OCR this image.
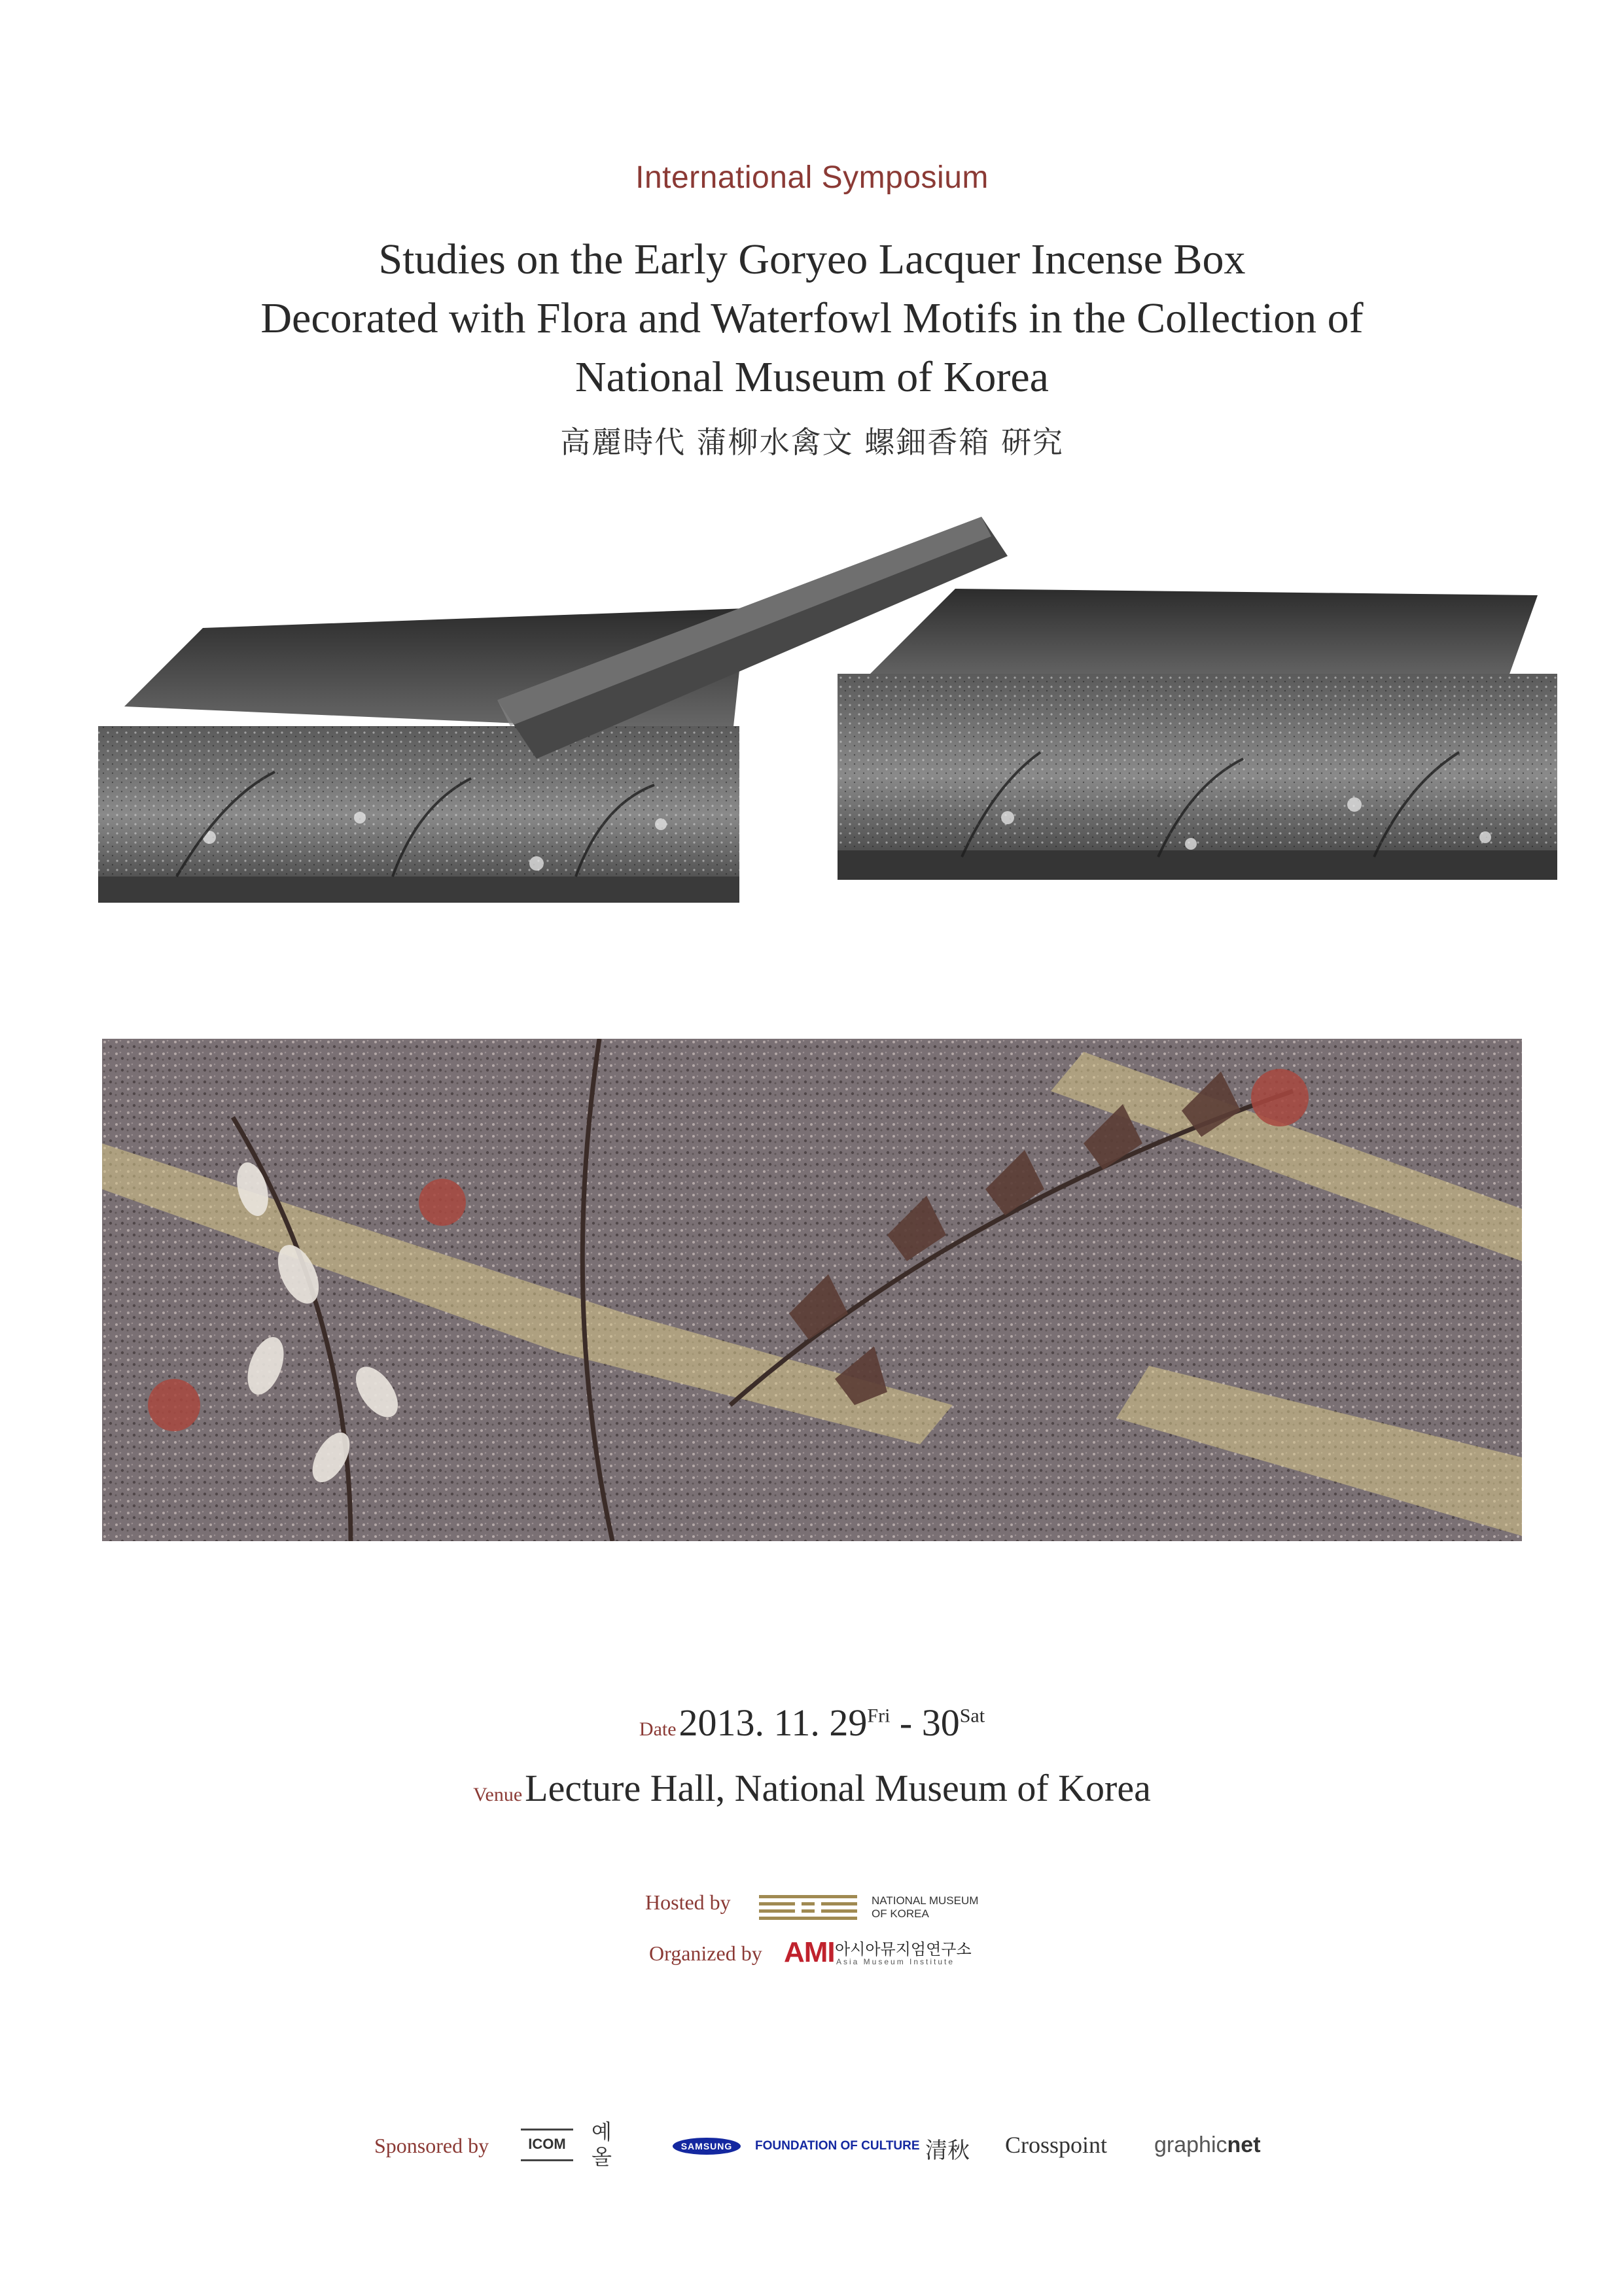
International Symposium
Studies on the Early Goryeo Lacquer Incense Box
Decorated with Flora and Waterfowl Motifs in the Collection of
National Museum of Korea
高麗時代 蒲柳水禽文 螺鈿香箱 硏究
Date 2013. 11. $29^{Fri} - 30^{Sat}$
Venue Lecture Hall, National Museum of Korea
Hosted by	NATIONAL MUSEUM
OF KOREA
Organized by AMI 아시아뮤지엄연구소
Asia Museum Institute
Sponsored by	ICOM	예올	SAMSUNG	FOUNDATION OF CULTURE 清秋 Crosspoint graphicnet
